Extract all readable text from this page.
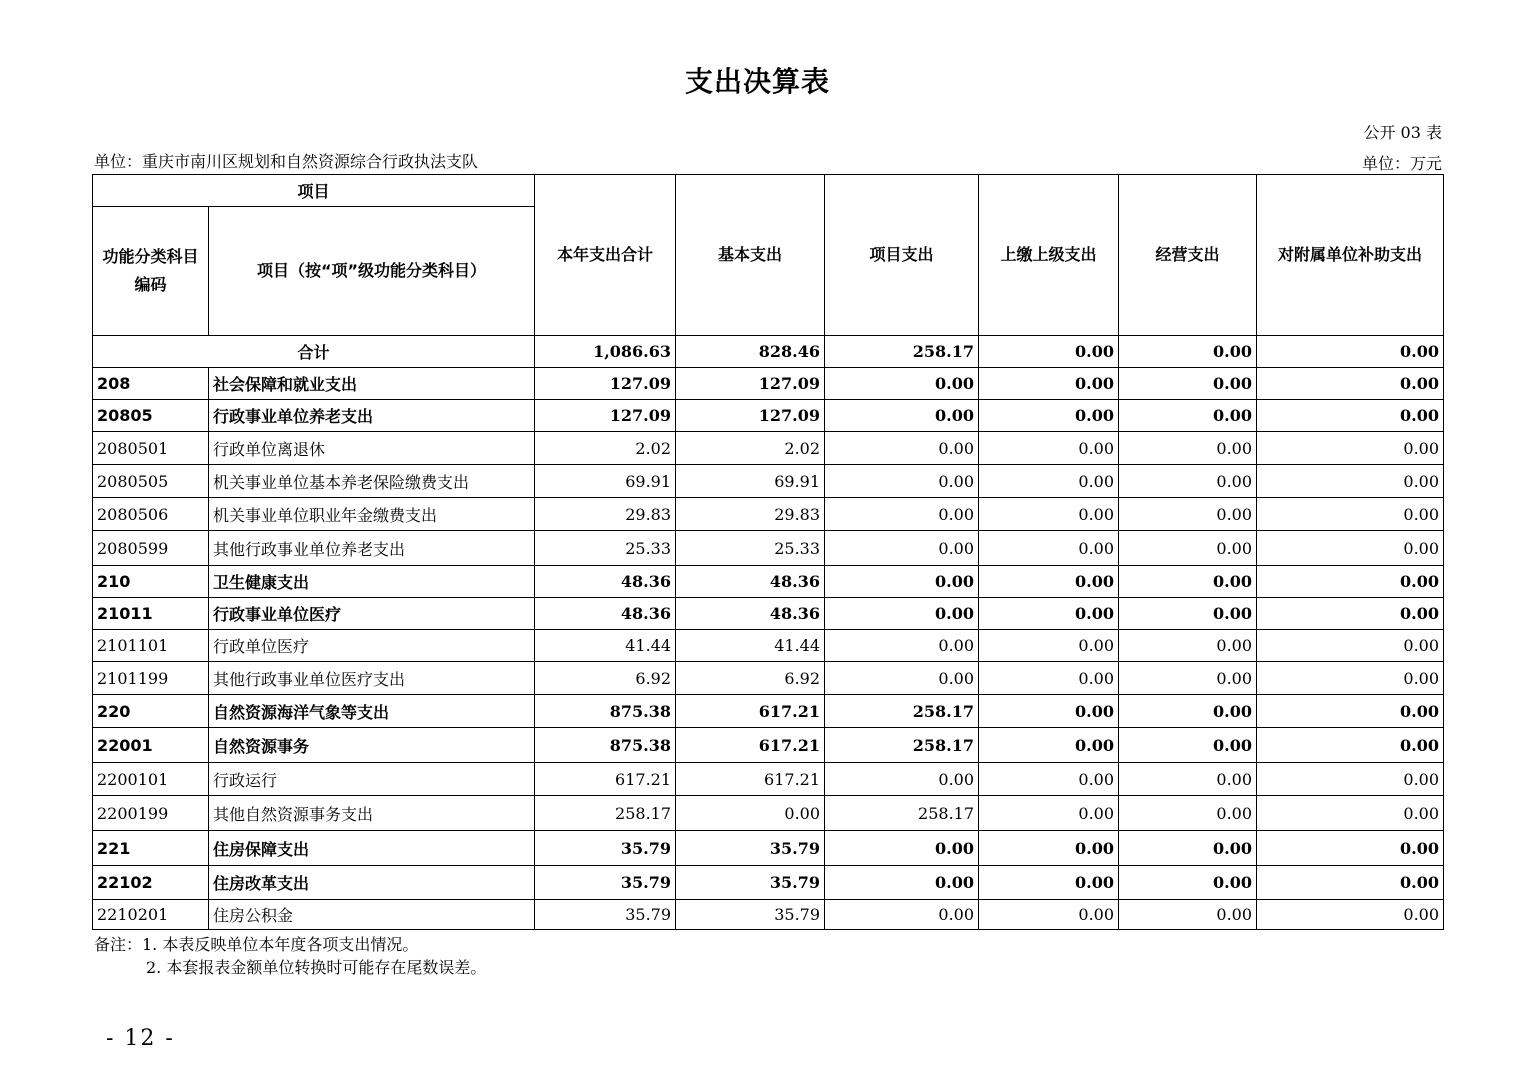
支出决算表
公开 03 表
单位：重庆市南川区规划和自然资源综合行政执法支队	单位：万元
项目		本年支出合计	基本支出	项目支出	上缴上级支出	经营支出	对附属单位补助支出
功能分类科目编码	项目（按“项”级功能分类科目）						
合计		1,086.63	828.46	258.17	0.00	0.00	0.00
208	社会保障和就业支出	127.09	127.09	0.00	0.00	0.00	0.00
20805	行政事业单位养老支出	127.09	127.09	0.00	0.00	0.00	0.00
2080501	行政单位离退休	2.02	2.02	0.00	0.00	0.00	0.00
2080505	机关事业单位基本养老保险缴费支出	69.91	69.91	0.00	0.00	0.00	0.00
2080506	机关事业单位职业年金缴费支出	29.83	29.83	0.00	0.00	0.00	0.00
2080599	其他行政事业单位养老支出	25.33	25.33	0.00	0.00	0.00	0.00
210	卫生健康支出	48.36	48.36	0.00	0.00	0.00	0.00
21011	行政事业单位医疗	48.36	48.36	0.00	0.00	0.00	0.00
2101101	行政单位医疗	41.44	41.44	0.00	0.00	0.00	0.00
2101199	其他行政事业单位医疗支出	6.92	6.92	0.00	0.00	0.00	0.00
220	自然资源海洋气象等支出	875.38	617.21	258.17	0.00	0.00	0.00
22001	自然资源事务	875.38	617.21	258.17	0.00	0.00	0.00
2200101	行政运行	617.21	617.21	0.00	0.00	0.00	0.00
2200199	其他自然资源事务支出	258.17	0.00	258.17	0.00	0.00	0.00
221	住房保障支出	35.79	35.79	0.00	0.00	0.00	0.00
22102	住房改革支出	35.79	35.79	0.00	0.00	0.00	0.00
2210201	住房公积金	35.79	35.79	0.00	0.00	0.00	0.00
备注：1. 本表反映单位本年度各项支出情况。
2. 本套报表金额单位转换时可能存在尾数误差。
- 12 -
